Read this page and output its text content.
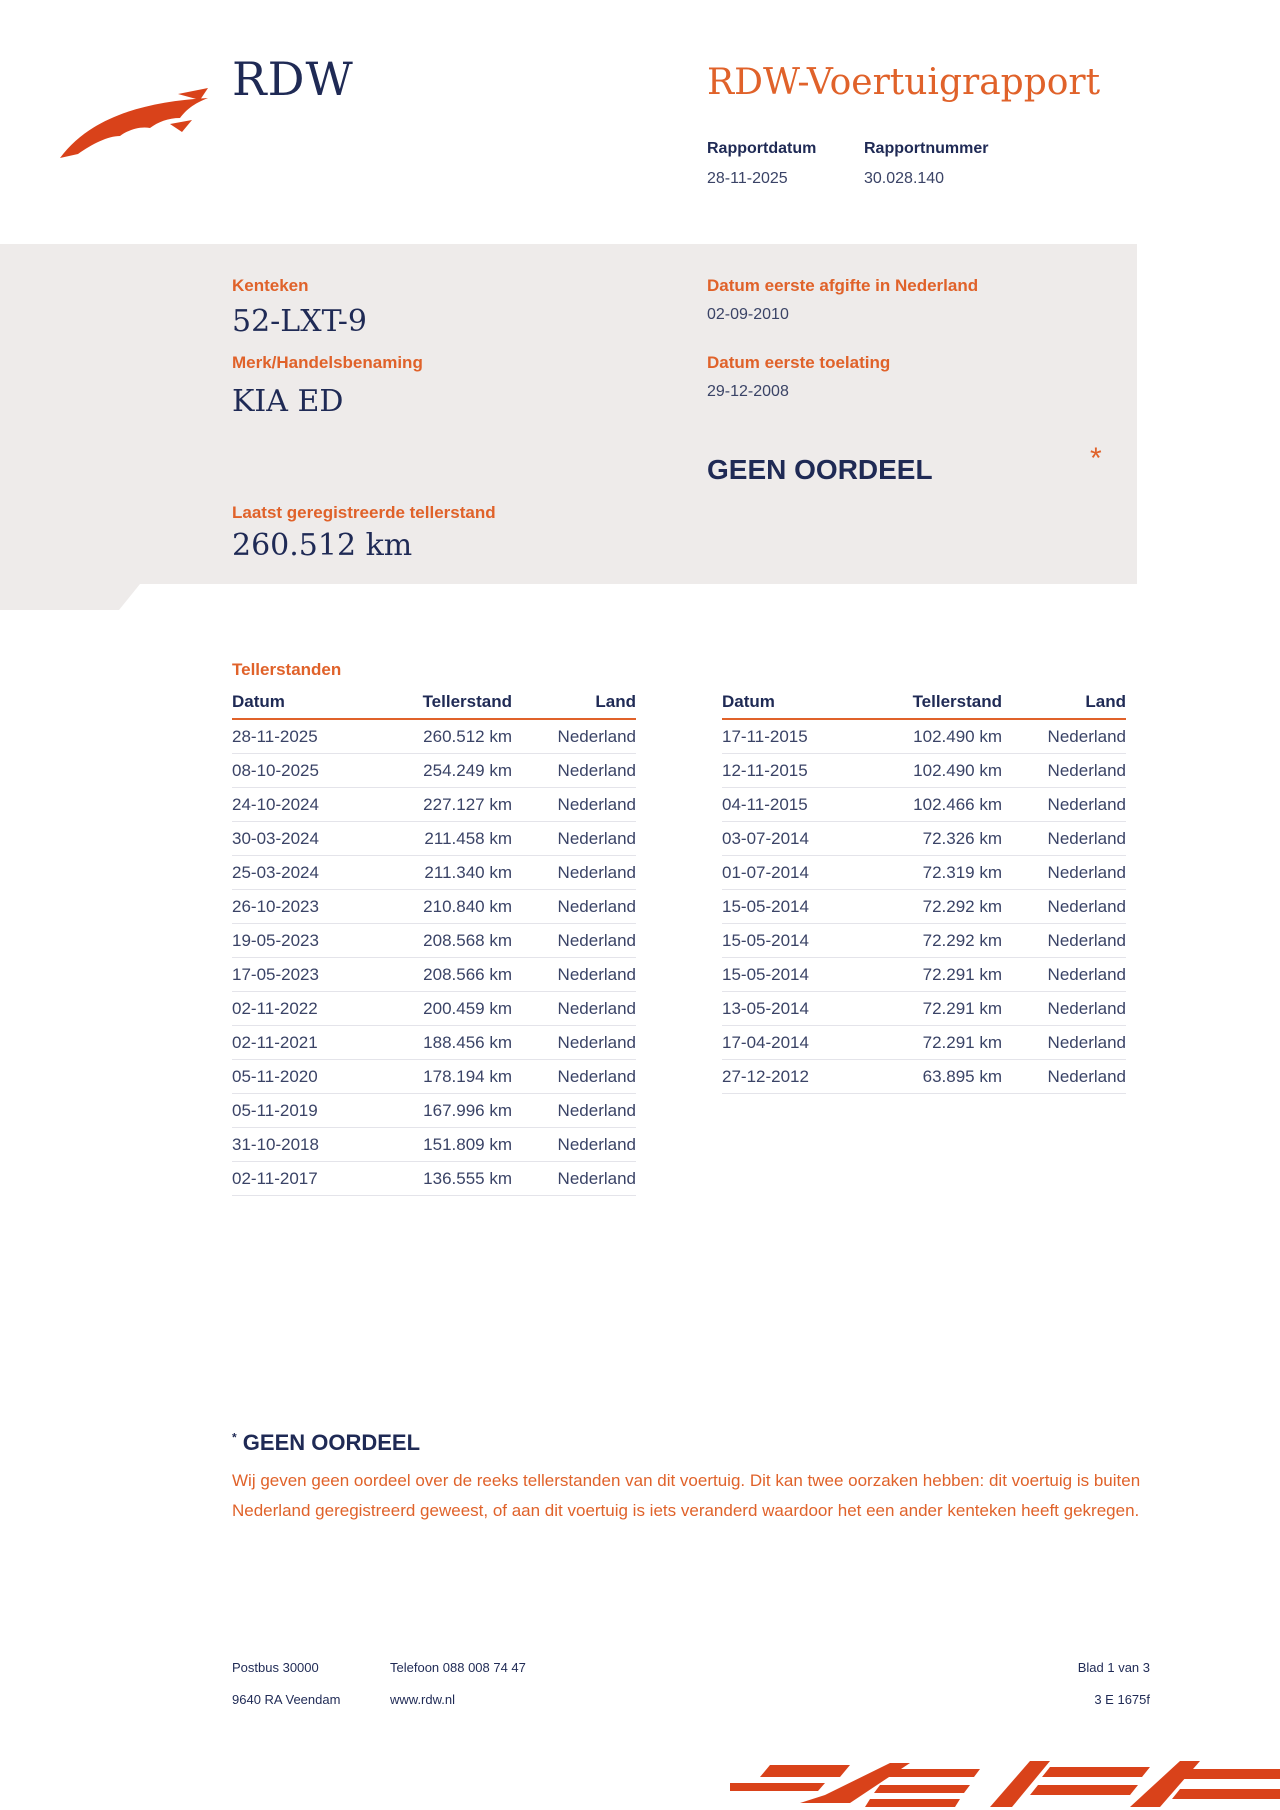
RDW	RDW-Voertuigrapport
Rapportdatum
28-11-2025
Rapportnummer
30.028.140
Kenteken
52-LXT-9
Merk/Handelsbenaming
KIA ED
Laatst geregistreerde tellerstand
260.512 km
Datum eerste afgifte in Nederland
02-09-2010
Datum eerste toelating
29-12-2008
GEEN OORDEEL	*
Tellerstanden
Datum	Tellerstand	Land
28-11-2025	260.512 km	Nederland
08-10-2025	254.249 km	Nederland
24-10-2024	227.127 km	Nederland
30-03-2024	211.458 km	Nederland
25-03-2024	211.340 km	Nederland
26-10-2023	210.840 km	Nederland
19-05-2023	208.568 km	Nederland
17-05-2023	208.566 km	Nederland
02-11-2022	200.459 km	Nederland
02-11-2021	188.456 km	Nederland
05-11-2020	178.194 km	Nederland
05-11-2019	167.996 km	Nederland
31-10-2018	151.809 km	Nederland
02-11-2017	136.555 km	Nederland
Datum	Tellerstand	Land
17-11-2015	102.490 km	Nederland
12-11-2015	102.490 km	Nederland
04-11-2015	102.466 km	Nederland
03-07-2014	72.326 km	Nederland
01-07-2014	72.319 km	Nederland
15-05-2014	72.292 km	Nederland
15-05-2014	72.292 km	Nederland
15-05-2014	72.291 km	Nederland
13-05-2014	72.291 km	Nederland
17-04-2014	72.291 km	Nederland
27-12-2012	63.895 km	Nederland
* GEEN OORDEEL
Wij geven geen oordeel over de reeks tellerstanden van dit voertuig. Dit kan twee oorzaken hebben: dit voertuig is buiten Nederland geregistreerd geweest, of aan dit voertuig is iets veranderd waardoor het een ander kenteken heeft gekregen.
Postbus 30000
9640 RA Veendam
Telefoon 088 008 74 47
www.rdw.nl
Blad 1 van 3
3 E 1675f
